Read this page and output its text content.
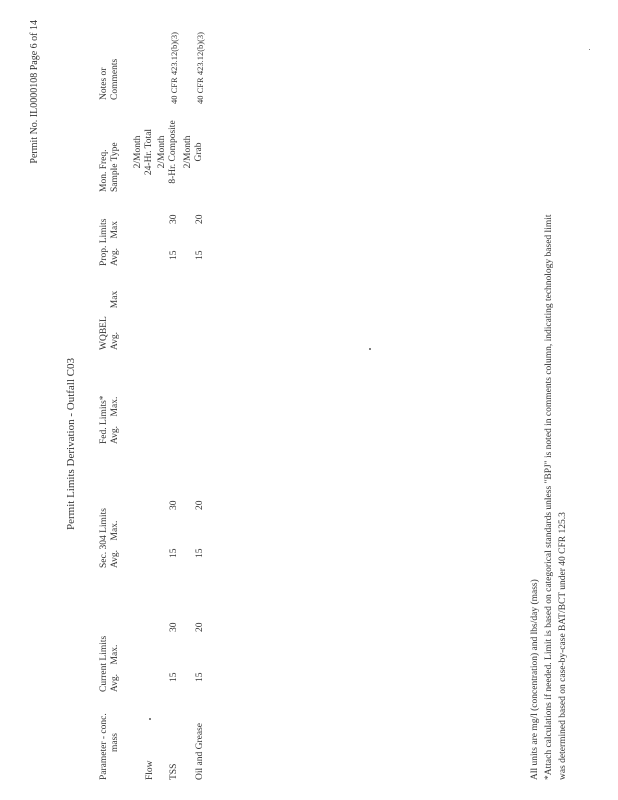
Permit No. IL0000108 Page 6 of 14
Permit Limits Derivation - Outfall C03
Parameter - conc. mass
Current Limits Avg.    Max.
Sec. 304 Limits Avg.    Max.
Fed. Limits* Avg.    Max.
WQBEL Avg.          Max
Prop. Limits Avg.    Max
Mon. Freq. Sample Type
Notes or Comments
Flow
2/Month 24-Hr. Total
TSS
15
30
15
30
15
30
2/Month 8-Hr. Composite
40 CFR 423.12(b)(3)
Oil and Grease
15
20
15
20
15
20
2/Month Grab
40 CFR 423.12(b)(3)
All units are mg/l (concentration) and lbs/day (mass) *Attach calculations if needed. Limit is based on categorical standards unless "BPJ" is noted in comments column, indicating technology based limit was determined based on case-by-case BAT/BCT under 40 CFR 125.3
